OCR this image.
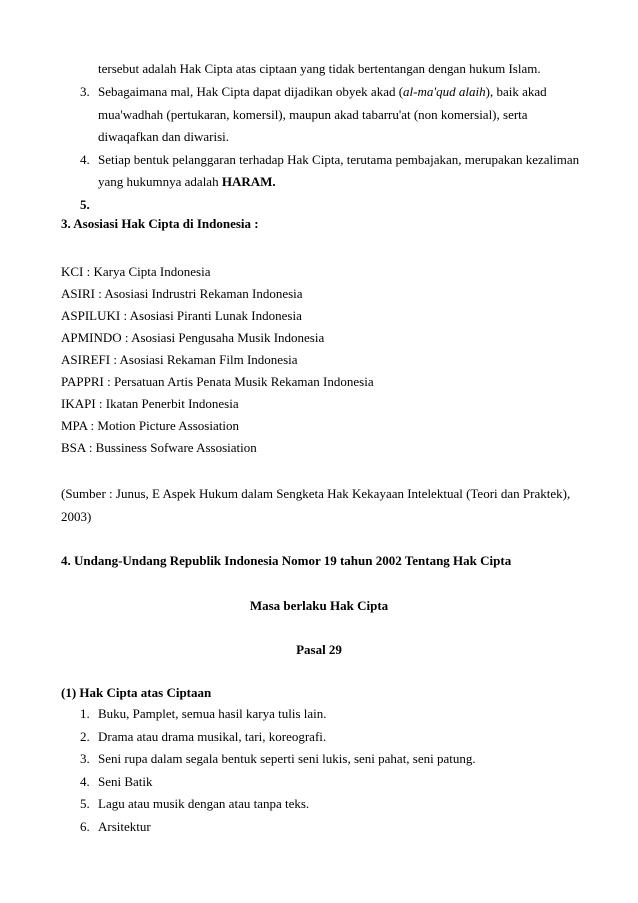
tersebut adalah Hak Cipta atas ciptaan yang tidak bertentangan dengan hukum Islam.
3. Sebagaimana mal, Hak Cipta dapat dijadikan obyek akad (al-ma'qud alaih), baik akad
mua'wadhah (pertukaran, komersil), maupun akad tabarru'at (non komersial), serta
diwaqafkan dan diwarisi.
4. Setiap bentuk pelanggaran terhadap Hak Cipta, terutama pembajakan, merupakan kezaliman
yang hukumnya adalah HARAM.
5.
3. Asosiasi Hak Cipta di Indonesia :
KCI : Karya Cipta Indonesia
ASIRI : Asosiasi Indrustri Rekaman Indonesia
ASPILUKI : Asosiasi Piranti Lunak Indonesia
APMINDO : Asosiasi Pengusaha Musik Indonesia
ASIREFI : Asosiasi Rekaman Film Indonesia
PAPPRI : Persatuan Artis Penata Musik Rekaman Indonesia
IKAPI : Ikatan Penerbit Indonesia
MPA : Motion Picture Assosiation
BSA : Bussiness Sofware Assosiation
(Sumber : Junus, E Aspek Hukum dalam Sengketa Hak Kekayaan Intelektual (Teori dan Praktek),
2003)
4. Undang-Undang Republik Indonesia Nomor 19 tahun 2002 Tentang Hak Cipta
Masa berlaku Hak Cipta
Pasal 29
(1) Hak Cipta atas Ciptaan
1. Buku, Pamplet, semua hasil karya tulis lain.
2. Drama atau drama musikal, tari, koreografi.
3. Seni rupa dalam segala bentuk seperti seni lukis, seni pahat, seni patung.
4. Seni Batik
5. Lagu atau musik dengan atau tanpa teks.
6. Arsitektur
